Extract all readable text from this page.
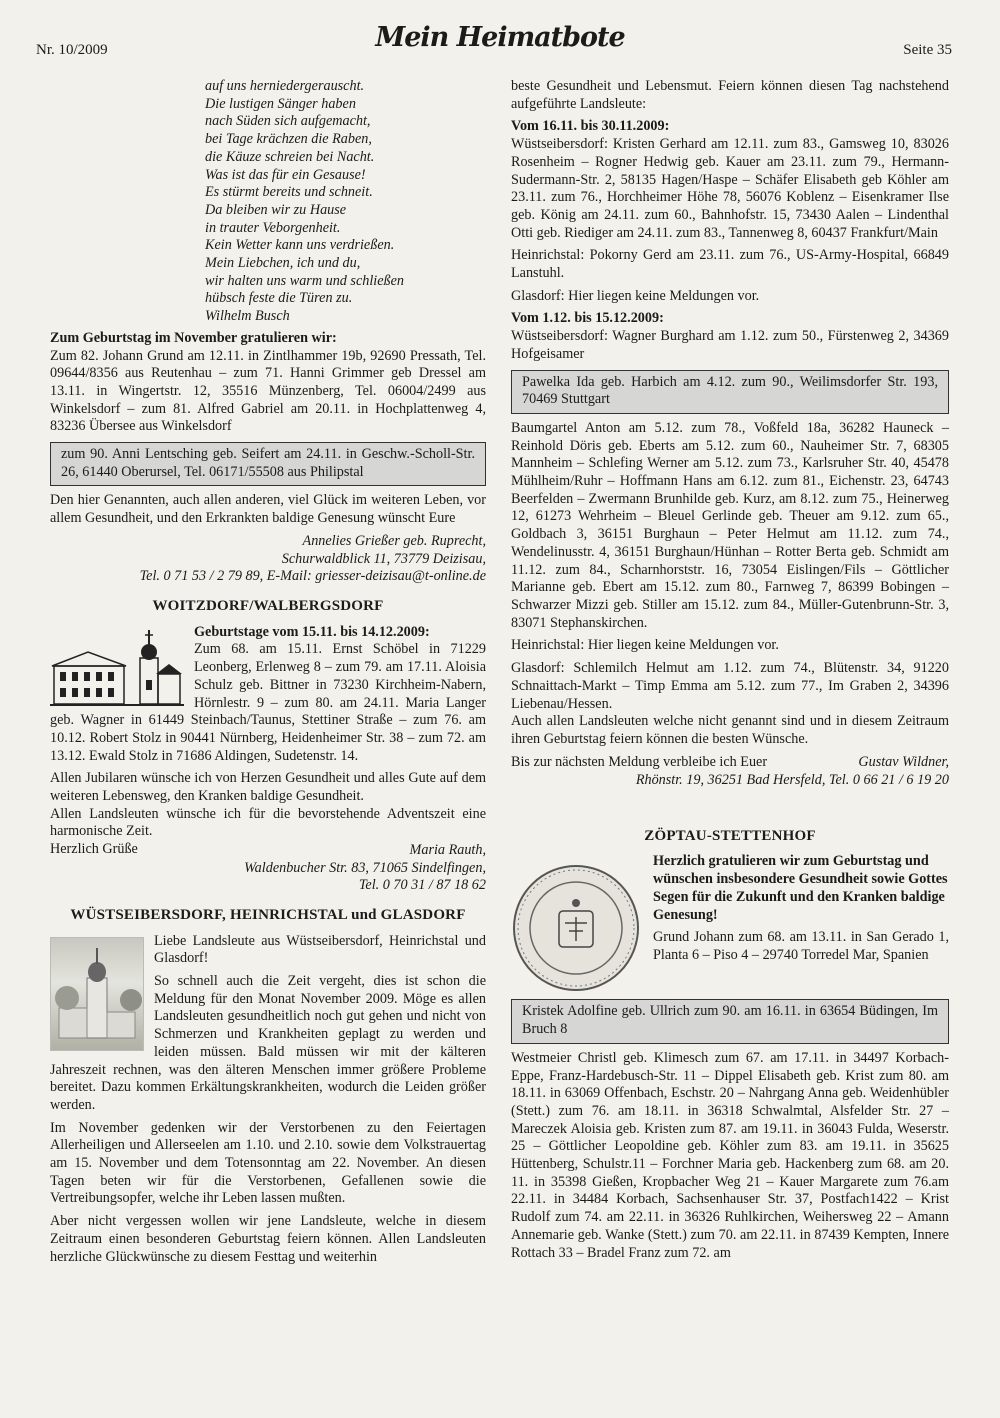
Nr. 10/2009	Mein Heimatbote	Seite 35
auf uns herniedergerauscht.
Die lustigen Sänger haben
nach Süden sich aufgemacht,
bei Tage krächzen die Raben,
die Käuze schreien bei Nacht.
Was ist das für ein Gesause!
Es stürmt bereits und schneit.
Da bleiben wir zu Hause
in trauter Veborgenheit.
Kein Wetter kann uns verdrießen.
Mein Liebchen, ich und du,
wir halten uns warm und schließen
hübsch feste die Türen zu.
Wilhelm Busch
Zum Geburtstag im November gratulieren wir:

Zum 82. Johann Grund am 12.11. in Zintlhammer 19b, 92690 Pressath, Tel. 09644/8356 aus Reutenhau – zum 71. Hanni Grimmer geb Dressel am 13.11. in Wingertstr. 12, 35516 Münzenberg, Tel. 06004/2499 aus Winkelsdorf – zum 81. Alfred Gabriel am 20.11. in Hochplattenweg 4, 83236 Übersee aus Winkelsdorf

zum 90. Anni Lentsching geb. Seifert am 24.11. in Geschw.-Scholl-Str. 26, 61440 Oberursel, Tel. 06171/55508 aus Philipstal

Den hier Genannten, auch allen anderen, viel Glück im weiteren Leben, vor allem Gesundheit, und den Erkrankten baldige Genesung wünscht Eure

Annelies Grießer geb. Ruprecht,
Schurwaldblick 11, 73779 Deizisau,
Tel. 0 71 53 / 2 79 89, E-Mail: griesser-deizisau@t-online.de
WOITZDORF/WALBERGSDORF
Geburtstage vom 15.11. bis 14.12.2009:

Zum 68. am 15.11. Ernst Schöbel in 71229 Leonberg, Erlenweg 8 – zum 79. am 17.11. Aloisia Schulz geb. Bittner in 73230 Kirchheim-Nabern, Hörnlestr. 9 – zum 80. am 24.11. Maria Langer geb. Wagner in 61449 Steinbach/Taunus, Stettiner Straße – zum 76. am 10.12. Robert Stolz in 90441 Nürnberg, Heidenheimer Str. 38 – zum 72. am 13.12. Ewald Stolz in 71686 Aldingen, Sudetenstr. 14.

Allen Jubilaren wünsche ich von Herzen Gesundheit und alles Gute auf dem weiteren Lebensweg, den Kranken baldige Gesundheit.

Allen Landsleuten wünsche ich für die bevorstehende Adventszeit eine harmonische Zeit.

Herzlich Grüße	Maria Rauth,
Waldenbucher Str. 83, 71065 Sindelfingen,
Tel. 0 70 31 / 87 18 62
WÜSTSEIBERSDORF, HEINRICHSTAL und GLASDORF

Liebe Landsleute aus Wüstseibersdorf, Heinrichstal und Glasdorf!

So schnell auch die Zeit vergeht, dies ist schon die Meldung für den Monat November 2009. Möge es allen Landsleuten gesundheitlich noch gut gehen und nicht von Schmerzen und Krankheiten geplagt zu werden und leiden müssen. Bald müssen wir mit der kälteren Jahreszeit rechnen, was den älteren Menschen immer größere Probleme bereitet. Dazu kommen Erkältungskrankheiten, wodurch die Leiden größer werden.

Im November gedenken wir der Verstorbenen zu den Feiertagen Allerheiligen und Allerseelen am 1.10. und 2.10. sowie dem Volkstrauertag am 15. November und dem Totensonntag am 22. November. An diesen Tagen beten wir für die Verstorbenen, Gefallenen sowie die Vertreibungsopfer, welche ihr Leben lassen mußten.

Aber nicht vergessen wollen wir jene Landsleute, welche in diesem Zeitraum einen besonderen Geburtstag feiern können. Allen Landsleuten herzliche Glückwünsche zu diesem Festtag und weiterhin

beste Gesundheit und Lebensmut. Feiern können diesen Tag nachstehend aufgeführte Landsleute:

Vom 16.11. bis 30.11.2009:

Wüstseibersdorf: Kristen Gerhard am 12.11. zum 83., Gamsweg 10, 83026 Rosenheim – Rogner Hedwig geb. Kauer am 23.11. zum 79., Hermann-Sudermann-Str. 2, 58135 Hagen/Haspe – Schäfer Elisabeth geb Köhler am 23.11. zum 76., Horchheimer Höhe 78, 56076 Koblenz – Eisenkramer Ilse geb. König am 24.11. zum 60., Bahnhofstr. 15, 73430 Aalen – Lindenthal Otti geb. Riediger am 24.11. zum 83., Tannenweg 8, 60437 Frankfurt/Main

Heinrichstal: Pokorny Gerd am 23.11. zum 76., US-Army-Hospital, 66849 Lanstuhl.

Glasdorf: Hier liegen keine Meldungen vor.

Vom 1.12. bis 15.12.2009:

Wüstseibersdorf: Wagner Burghard am 1.12. zum 50., Fürstenweg 2, 34369 Hofgeisamer

Pawelka Ida geb. Harbich am 4.12. zum 90., Weilimsdorfer Str. 193, 70469 Stuttgart

Baumgartel Anton am 5.12. zum 78., Voßfeld 18a, 36282 Hauneck – Reinhold Döris geb. Eberts am 5.12. zum 60., Nauheimer Str. 7, 68305 Mannheim – Schlefing Werner am 5.12. zum 73., Karlsruher Str. 40, 45478 Mühlheim/Ruhr – Hoffmann Hans am 6.12. zum 81., Eichenstr. 23, 64743 Beerfelden – Zwermann Brunhilde geb. Kurz, am 8.12. zum 75., Heinerweg 12, 61273 Wehrheim – Bleuel Gerlinde geb. Theuer am 9.12. zum 65., Goldbach 3, 36151 Burghaun – Peter Helmut am 11.12. zum 74., Wendelinusstr. 4, 36151 Burghaun/Hünhan – Rotter Berta geb. Schmidt am 11.12. zum 84., Scharnhorststr. 16, 73054 Eislingen/Fils – Göttlicher Marianne geb. Ebert am 15.12. zum 80., Farnweg 7, 86399 Bobingen – Schwarzer Mizzi geb. Stiller am 15.12. zum 84., Müller-Gutenbrunn-Str. 3, 83071 Stephanskirchen.

Heinrichstal: Hier liegen keine Meldungen vor.

Glasdorf: Schlemilch Helmut am 1.12. zum 74., Blütenstr. 34, 91220 Schnaittach-Markt – Timp Emma am 5.12. zum 77., Im Graben 2, 34396 Liebenau/Hessen.

Auch allen Landsleuten welche nicht genannt sind und in diesem Zeitraum ihren Geburtstag feiern können die besten Wünsche.

Bis zur nächsten Meldung verbleibe ich Euer	Gustav Wildner,
Rhönstr. 19, 36251 Bad Hersfeld, Tel. 0 66 21 / 6 19 20
ZÖPTAU-STETTENHOF

Herzlich gratulieren wir zum Geburtstag und wünschen insbesondere Gesundheit sowie Gottes Segen für die Zukunft und den Kranken baldige Genesung!

Grund Johann zum 68. am 13.11. in San Gerado 1, Planta 6 – Piso 4 – 29740 Torredel Mar, Spanien

Kristek Adolfine geb. Ullrich zum 90. am 16.11. in 63654 Büdingen, Im Bruch 8

Westmeier Christl geb. Klimesch zum 67. am 17.11. in 34497 Korbach-Eppe, Franz-Hardebusch-Str. 11 – Dippel Elisabeth geb. Krist zum 80. am 18.11. in 63069 Offenbach, Eschstr. 20 – Nahrgang Anna geb. Weidenhübler (Stett.) zum 76. am 18.11. in 36318 Schwalmtal, Alsfelder Str. 27 – Mareczek Aloisia geb. Kristen zum 87. am 19.11. in 36043 Fulda, Weserstr. 25 – Göttlicher Leopoldine geb. Köhler zum 83. am 19.11. in 35625 Hüttenberg, Schulstr.11 – Forchner Maria geb. Hackenberg zum 68. am 20. 11. in 35398 Gießen, Kropbacher Weg 21 – Kauer Margarete zum 76.am 22.11. in 34484 Korbach, Sachsenhauser Str. 37, Postfach1422 – Krist Rudolf zum 74. am 22.11. in 36326 Ruhlkirchen, Weihersweg 22 – Amann Annemarie geb. Wanke (Stett.) zum 70. am 22.11. in 87439 Kempten, Innere Rottach 33 – Bradel Franz zum 72. am
